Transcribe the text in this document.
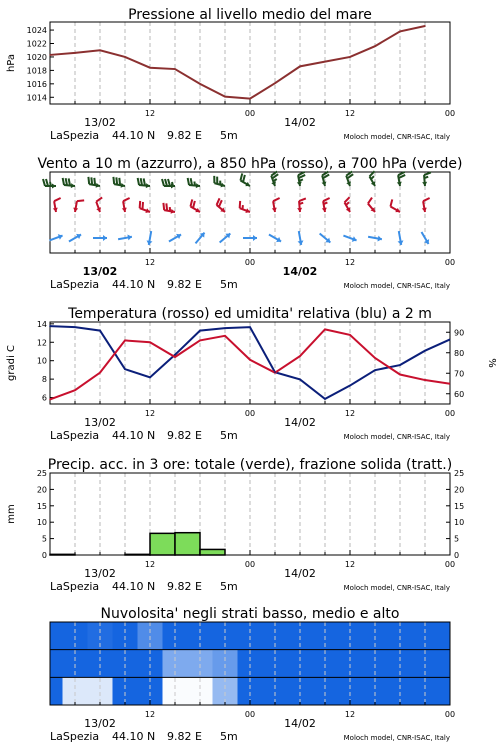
Pressione al livello medio del mare
1014
1016
1018
1020
1022
1024
hPa
12	00	12	00
13/02	14/02
LaSpezia 44.10 N 9.82 E 5m	Moloch model, CNR-ISAC, Italy
Vento a 10 m (azzurro), a 850 hPa (rosso), a 700 hPa (verde)
12	00	12	00
13/02	14/02
LaSpezia 44.10 N 9.82 E 5m	Moloch model, CNR-ISAC, Italy
Temperatura (rosso) ed umidita' relativa (blu) a 2 m
6
8
10
12
14
60
70
80
90
gradi C	%
12	00	12	00
13/02	14/02
LaSpezia 44.10 N 9.82 E 5m	Moloch model, CNR-ISAC, Italy
Precip. acc. in 3 ore: totale (verde), frazione solida (tratt.)
0	0
5	5
10	10
15	15
20	20
25	25
mm
12	00	12	00
13/02	14/02
LaSpezia 44.10 N 9.82 E 5m	Moloch model, CNR-ISAC, Italy
Nuvolosita' negli strati basso, medio e alto
12	00	12	00
13/02	14/02
LaSpezia 44.10 N 9.82 E 5m	Moloch model, CNR-ISAC, Italy
